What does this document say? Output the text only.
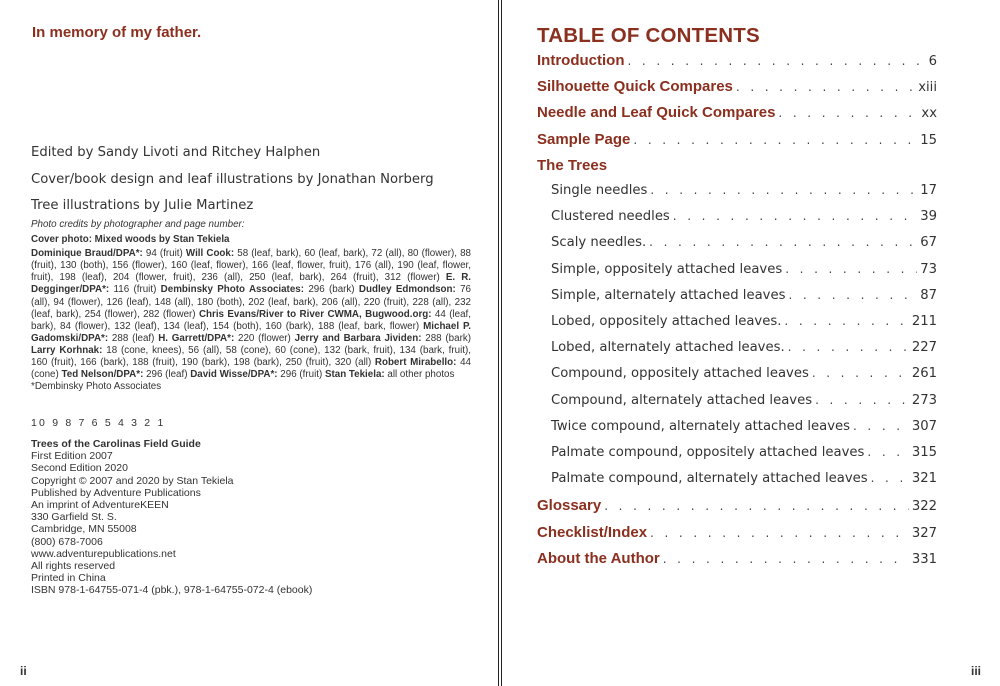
In memory of my father.
Edited by Sandy Livoti and Ritchey Halphen
Cover/book design and leaf illustrations by Jonathan Norberg
Tree illustrations by Julie Martinez
Photo credits by photographer and page number:
Cover photo: Mixed woods by Stan Tekiela
Dominique Braud/DPA*: 94 (fruit) Will Cook: 58 (leaf, bark), 60 (leaf, bark), 72 (all), 80 (flower), 88 (fruit), 130 (both), 156 (flower), 160 (leaf, flower), 166 (leaf, flower, fruit), 176 (all), 190 (leaf, flower, fruit), 198 (leaf), 204 (flower, fruit), 236 (all), 250 (leaf, bark), 264 (fruit), 312 (flower) E. R. Degginger/DPA*: 116 (fruit) Dembinsky Photo Associates: 296 (bark) Dudley Edmondson: 76 (all), 94 (flower), 126 (leaf), 148 (all), 180 (both), 202 (leaf, bark), 206 (all), 220 (fruit), 228 (all), 232 (leaf, bark), 254 (flower), 282 (flower) Chris Evans/River to River CWMA, Bugwood.org: 44 (leaf, bark), 84 (flower), 132 (leaf), 134 (leaf), 154 (both), 160 (bark), 188 (leaf, bark, flower) Michael P. Gadomski/DPA*: 288 (leaf) H. Garrett/DPA*: 220 (flower) Jerry and Barbara Jividen: 288 (bark) Larry Korhnak: 18 (cone, knees), 56 (all), 58 (cone), 60 (cone), 132 (bark, fruit), 134 (bark, fruit), 160 (fruit), 166 (bark), 188 (fruit), 190 (bark), 198 (bark), 250 (fruit), 320 (all) Robert Mirabello: 44 (cone) Ted Nelson/DPA*: 296 (leaf) David Wisse/DPA*: 296 (fruit) Stan Tekiela: all other photos
*Dembinsky Photo Associates
10 9 8 7 6 5 4 3 2 1
Trees of the Carolinas Field Guide
First Edition 2007
Second Edition 2020
Copyright © 2007 and 2020 by Stan Tekiela
Published by Adventure Publications
An imprint of AdventureKEEN
330 Garfield St. S.
Cambridge, MN 55008
(800) 678-7006
www.adventurepublications.net
All rights reserved
Printed in China
ISBN 978-1-64755-071-4 (pbk.), 978-1-64755-072-4 (ebook)
ii
TABLE OF CONTENTS
Introduction . . .	6
Silhouette Quick Compares . . .	xiii
Needle and Leaf Quick Compares . . .	xx
Sample Page . . .	15
The Trees
Single needles . . .	17
Clustered needles . . .	39
Scaly needles. . . .	67
Simple, oppositely attached leaves . . .	73
Simple, alternately attached leaves . . .	87
Lobed, oppositely attached leaves. . . .	211
Lobed, alternately attached leaves. . . .	227
Compound, oppositely attached leaves . . .	261
Compound, alternately attached leaves . . .	273
Twice compound, alternately attached leaves . . .	307
Palmate compound, oppositely attached leaves . . .	315
Palmate compound, alternately attached leaves . . .	321
Glossary . . .	322
Checklist/Index . . .	327
About the Author . . .	331
iii
